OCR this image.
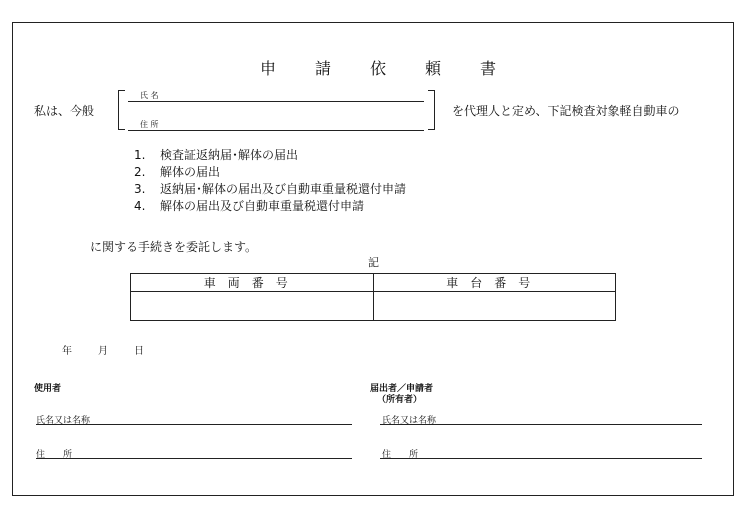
申 請 依 頼 書
私は、今般
氏 名
住 所
を代理人と定め、下記検査対象軽自動車の
1. 検査証返納届･解体の届出
2. 解体の届出
3. 返納届･解体の届出及び自動車重量税還付申請
4. 解体の届出及び自動車重量税還付申請
に関する手続きを委託します。
記
車両番号	車台番号

年	月	日
使用者
氏名又は名称
住　　所
届出者／申請者
（所有者）
氏名又は名称
住　　所
